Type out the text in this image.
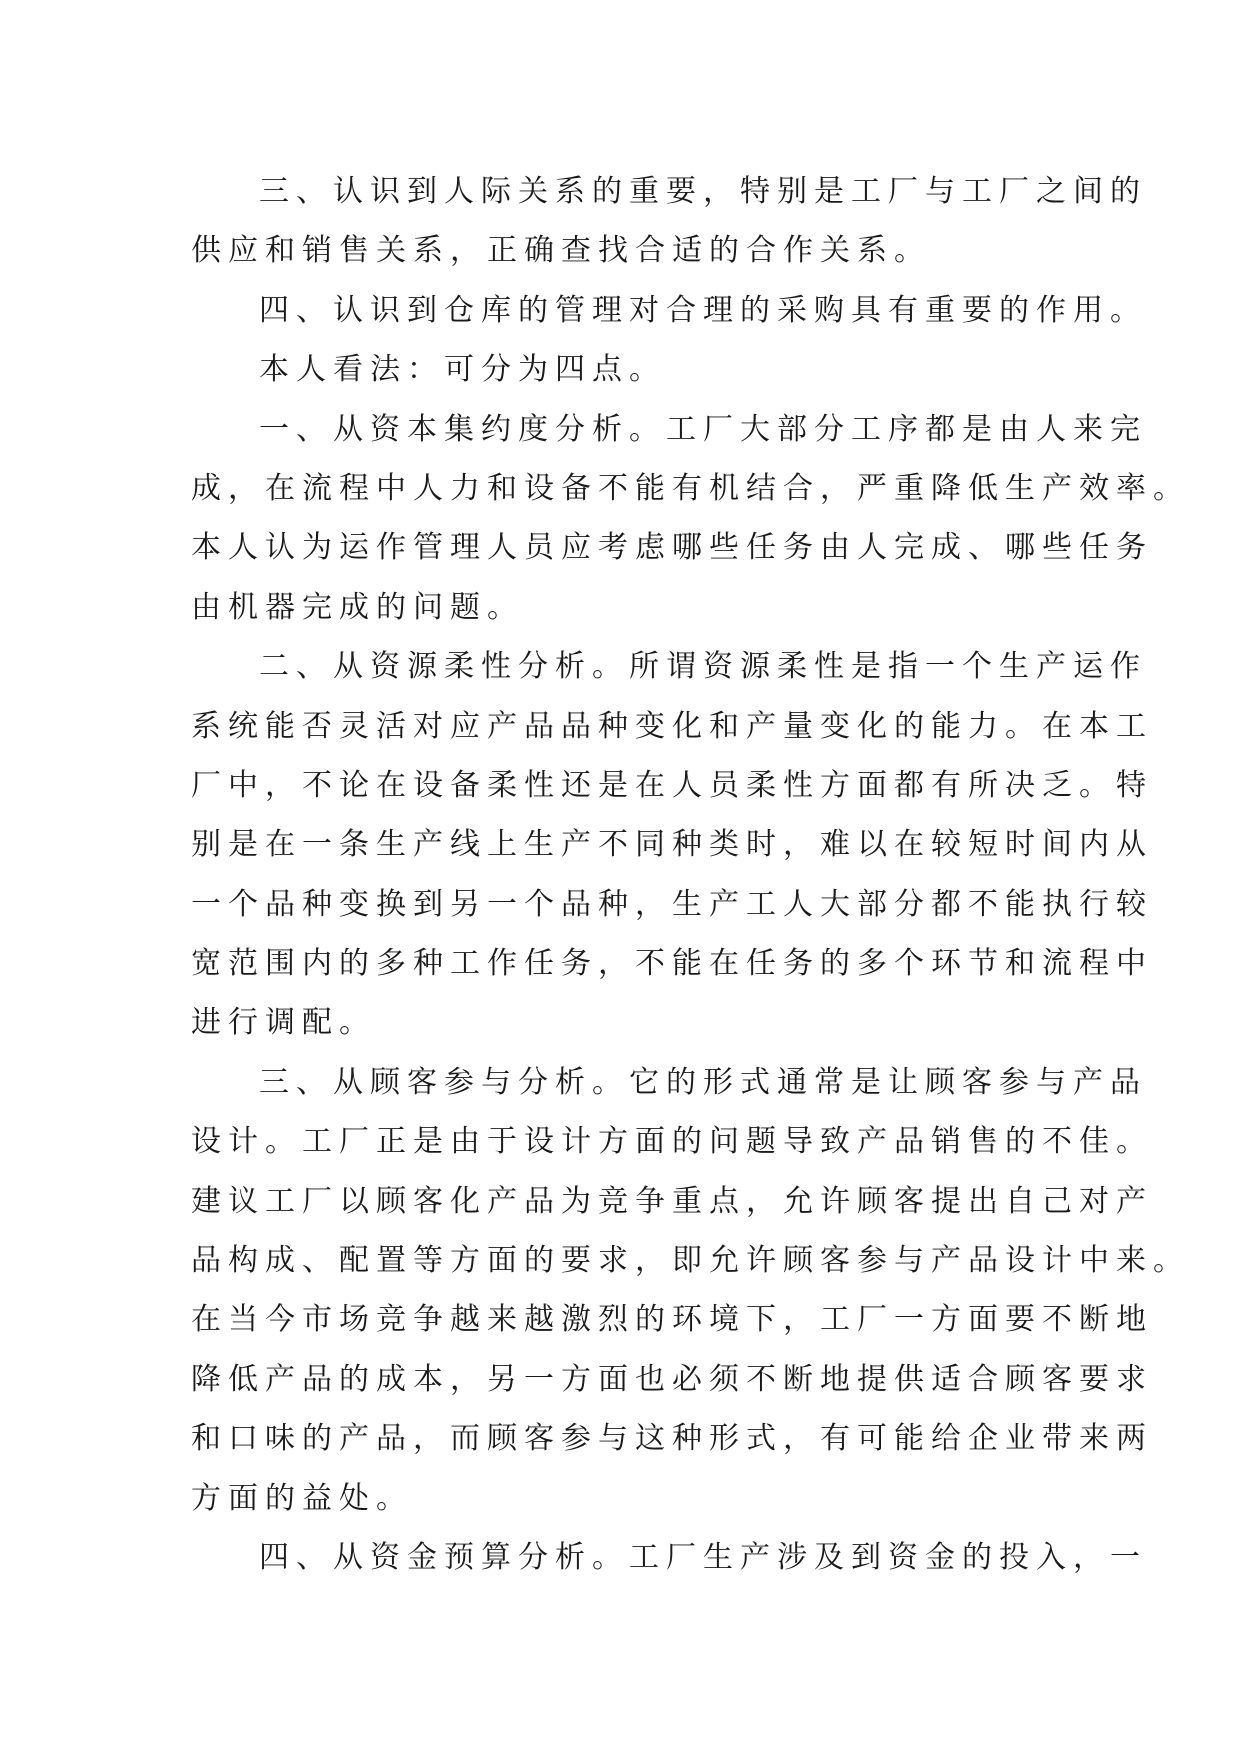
三、认识到人际关系的重要，特别是工厂与工厂之间的
供应和销售关系，正确查找合适的合作关系。
四、认识到仓库的管理对合理的采购具有重要的作用。
本人看法：可分为四点。
一、从资本集约度分析。工厂大部分工序都是由人来完
成，在流程中人力和设备不能有机结合，严重降低生产效率。
本人认为运作管理人员应考虑哪些任务由人完成、哪些任务
由机器完成的问题。
二、从资源柔性分析。所谓资源柔性是指一个生产运作
系统能否灵活对应产品品种变化和产量变化的能力。在本工
厂中，不论在设备柔性还是在人员柔性方面都有所决乏。特
别是在一条生产线上生产不同种类时，难以在较短时间内从
一个品种变换到另一个品种，生产工人大部分都不能执行较
宽范围内的多种工作任务，不能在任务的多个环节和流程中
进行调配。
三、从顾客参与分析。它的形式通常是让顾客参与产品
设计。工厂正是由于设计方面的问题导致产品销售的不佳。
建议工厂以顾客化产品为竞争重点，允许顾客提出自己对产
品构成、配置等方面的要求，即允许顾客参与产品设计中来。
在当今市场竞争越来越激烈的环境下，工厂一方面要不断地
降低产品的成本，另一方面也必须不断地提供适合顾客要求
和口味的产品，而顾客参与这种形式，有可能给企业带来两
方面的益处。
四、从资金预算分析。工厂生产涉及到资金的投入，一
